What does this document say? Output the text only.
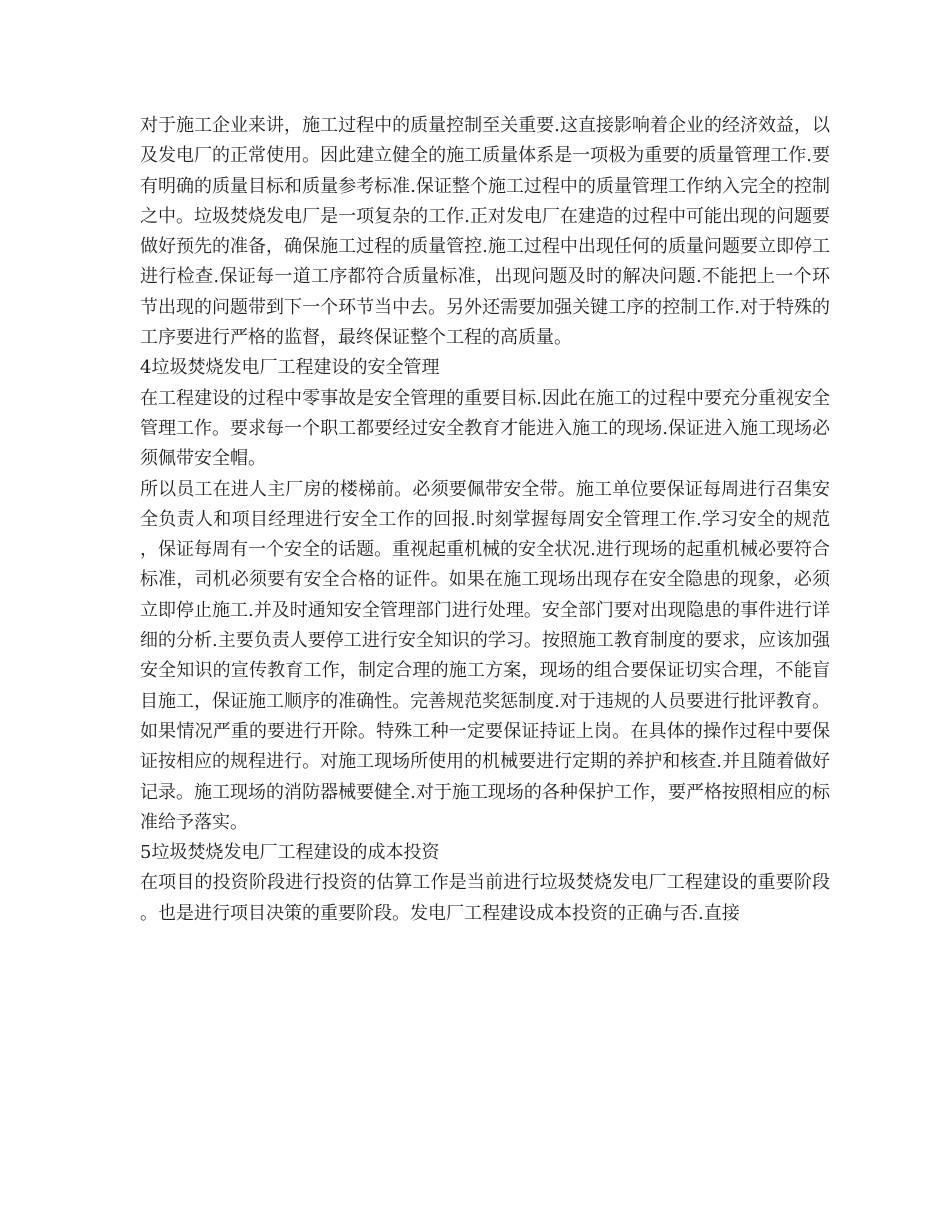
对于施工企业来讲，施工过程中的质量控制至关重要.这直接影响着企业的经济效益，以及发电厂的正常使用。因此建立健全的施工质量体系是一项极为重要的质量管理工作.要有明确的质量目标和质量参考标准.保证整个施工过程中的质量管理工作纳入完全的控制之中。垃圾焚烧发电厂是一项复杂的工作.正对发电厂在建造的过程中可能出现的问题要做好预先的准备，确保施工过程的质量管控.施工过程中出现任何的质量问题要立即停工进行检查.保证每一道工序都符合质量标准，出现问题及时的解决问题.不能把上一个环节出现的问题带到下一个环节当中去。另外还需要加强关键工序的控制工作.对于特殊的工序要进行严格的监督，最终保证整个工程的高质量。

4垃圾焚烧发电厂工程建设的安全管理

在工程建设的过程中零事故是安全管理的重要目标.因此在施工的过程中要充分重视安全管理工作。要求每一个职工都要经过安全教育才能进入施工的现场.保证进入施工现场必须佩带安全帽。

所以员工在进人主厂房的楼梯前。必须要佩带安全带。施工单位要保证每周进行召集安全负责人和项目经理进行安全工作的回报.时刻掌握每周安全管理工作.学习安全的规范，保证每周有一个安全的话题。重视起重机械的安全状况.进行现场的起重机械必要符合标准，司机必须要有安全合格的证件。如果在施工现场出现存在安全隐患的现象，必须立即停止施工.并及时通知安全管理部门进行处理。安全部门要对出现隐患的事件进行详细的分析.主要负责人要停工进行安全知识的学习。按照施工教育制度的要求，应该加强安全知识的宣传教育工作，制定合理的施工方案，现场的组合要保证切实合理，不能盲目施工，保证施工顺序的准确性。完善规范奖惩制度.对于违规的人员要进行批评教育。如果情况严重的要进行开除。特殊工种一定要保证持证上岗。在具体的操作过程中要保证按相应的规程进行。对施工现场所使用的机械要进行定期的养护和核查.并且随着做好记录。施工现场的消防器械要健全.对于施工现场的各种保护工作，要严格按照相应的标准给予落实。

5垃圾焚烧发电厂工程建设的成本投资

在项目的投资阶段进行投资的估算工作是当前进行垃圾焚烧发电厂工程建设的重要阶段。也是进行项目决策的重要阶段。发电厂工程建设成本投资的正确与否.直接
